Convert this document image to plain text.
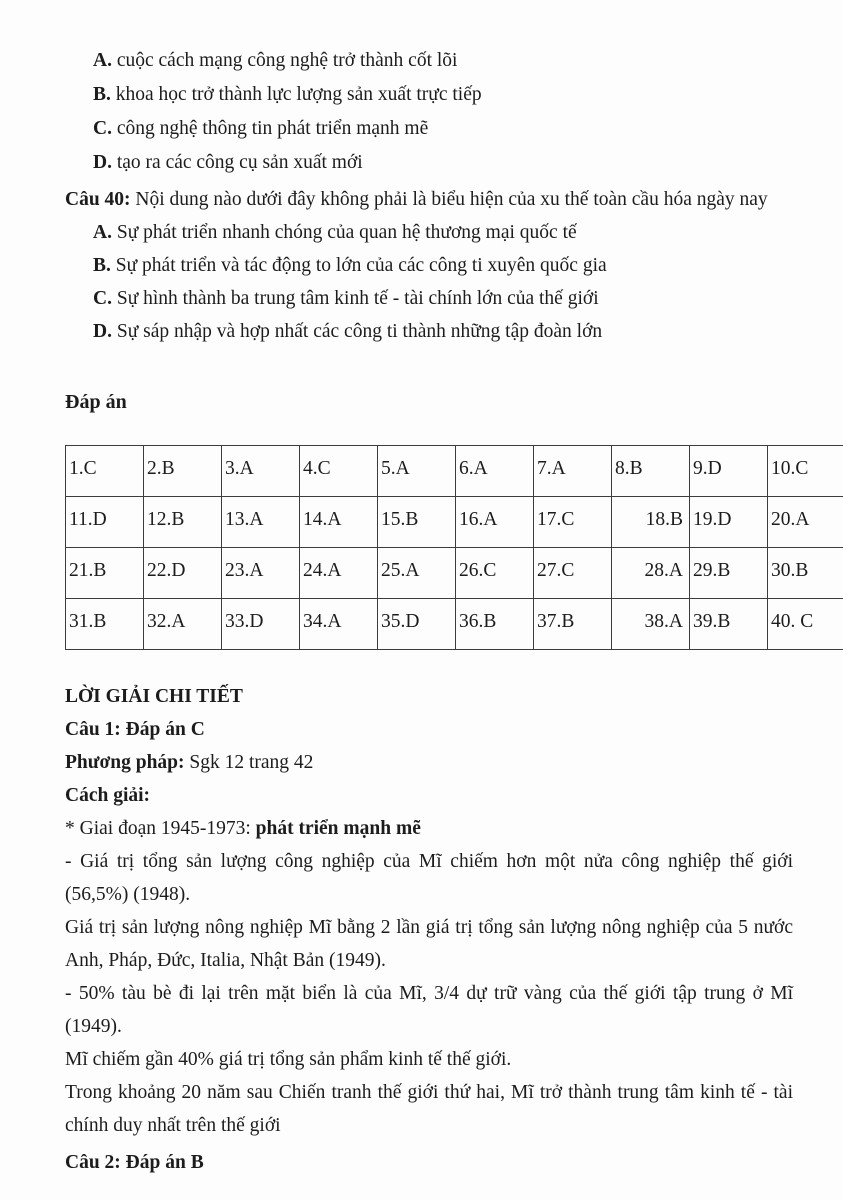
A. cuộc cách mạng công nghệ trở thành cốt lõi
B. khoa học trở thành lực lượng sản xuất trực tiếp
C. công nghệ thông tin phát triển mạnh mẽ
D. tạo ra các công cụ sản xuất mới
Câu 40: Nội dung nào dưới đây không phải là biểu hiện của xu thế toàn cầu hóa ngày nay
A. Sự phát triển nhanh chóng của quan hệ thương mại quốc tế
B. Sự phát triển và tác động to lớn của các công ti xuyên quốc gia
C. Sự hình thành ba trung tâm kinh tế - tài chính lớn của thế giới
D. Sự sáp nhập và hợp nhất các công ti thành những tập đoàn lớn
Đáp án
1.C	2.B	3.A	4.C	5.A	6.A	7.A	8.B	9.D	10.C
11.D	12.B	13.A	14.A	15.B	16.A	17.C	18.B	19.D	20.A
21.B	22.D	23.A	24.A	25.A	26.C	27.C	28.A	29.B	30.B
31.B	32.A	33.D	34.A	35.D	36.B	37.B	38.A	39.B	40. C
LỜI GIẢI CHI TIẾT
Câu 1: Đáp án C
Phương pháp: Sgk 12 trang 42
Cách giải:
* Giai đoạn 1945-1973: phát triển mạnh mẽ
- Giá trị tổng sản lượng công nghiệp của Mĩ chiếm hơn một nửa công nghiệp thế giới
(56,5%) (1948).
Giá trị sản lượng nông nghiệp Mĩ bằng 2 lần giá trị tổng sản lượng nông nghiệp của 5 nước
Anh, Pháp, Đức, Italia, Nhật Bản (1949).
- 50% tàu bè đi lại trên mặt biển là của Mĩ, 3/4 dự trữ vàng của thế giới tập trung ở Mĩ
(1949).
Mĩ chiếm gần 40% giá trị tổng sản phẩm kinh tế thế giới.
Trong khoảng 20 năm sau Chiến tranh thế giới thứ hai, Mĩ trở thành trung tâm kinh tế - tài
chính duy nhất trên thế giới
Câu 2: Đáp án B
